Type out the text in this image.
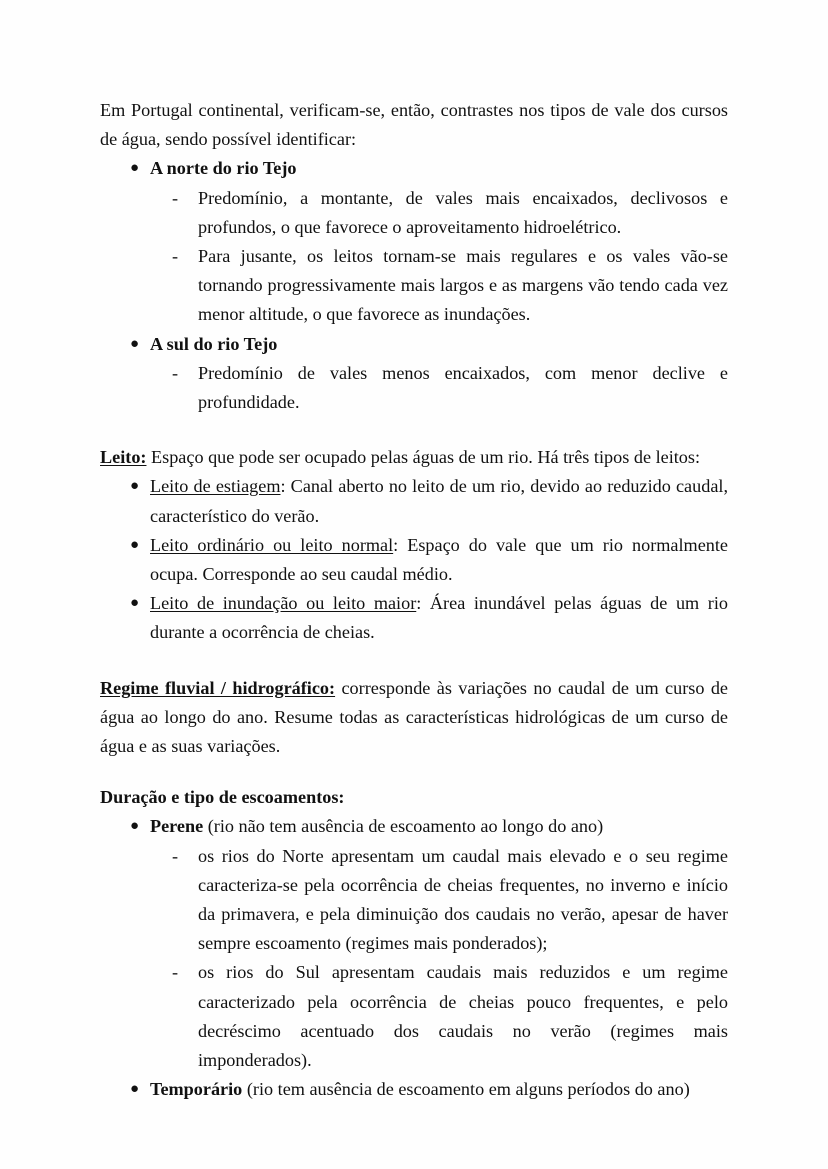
Em Portugal continental, verificam-se, então, contrastes nos tipos de vale dos cursos de água, sendo possível identificar:

● A norte do rio Tejo
- Predomínio, a montante, de vales mais encaixados, declivosos e profundos, o que favorece o aproveitamento hidroelétrico.
- Para jusante, os leitos tornam-se mais regulares e os vales vão-se tornando progressivamente mais largos e as margens vão tendo cada vez menor altitude, o que favorece as inundações.
● A sul do rio Tejo
- Predomínio de vales menos encaixados, com menor declive e profundidade.

Leito: Espaço que pode ser ocupado pelas águas de um rio. Há três tipos de leitos:

● Leito de estiagem: Canal aberto no leito de um rio, devido ao reduzido caudal, característico do verão.
● Leito ordinário ou leito normal: Espaço do vale que um rio normalmente ocupa. Corresponde ao seu caudal médio.
● Leito de inundação ou leito maior: Área inundável pelas águas de um rio durante a ocorrência de cheias.

Regime fluvial / hidrográfico: corresponde às variações no caudal de um curso de água ao longo do ano. Resume todas as características hidrológicas de um curso de água e as suas variações.

Duração e tipo de escoamentos:

● Perene (rio não tem ausência de escoamento ao longo do ano)
- os rios do Norte apresentam um caudal mais elevado e o seu regime caracteriza-se pela ocorrência de cheias frequentes, no inverno e início da primavera, e pela diminuição dos caudais no verão, apesar de haver sempre escoamento (regimes mais ponderados);
- os rios do Sul apresentam caudais mais reduzidos e um regime caracterizado pela ocorrência de cheias pouco frequentes, e pelo decréscimo acentuado dos caudais no verão (regimes mais imponderados).
● Temporário (rio tem ausência de escoamento em alguns períodos do ano)
